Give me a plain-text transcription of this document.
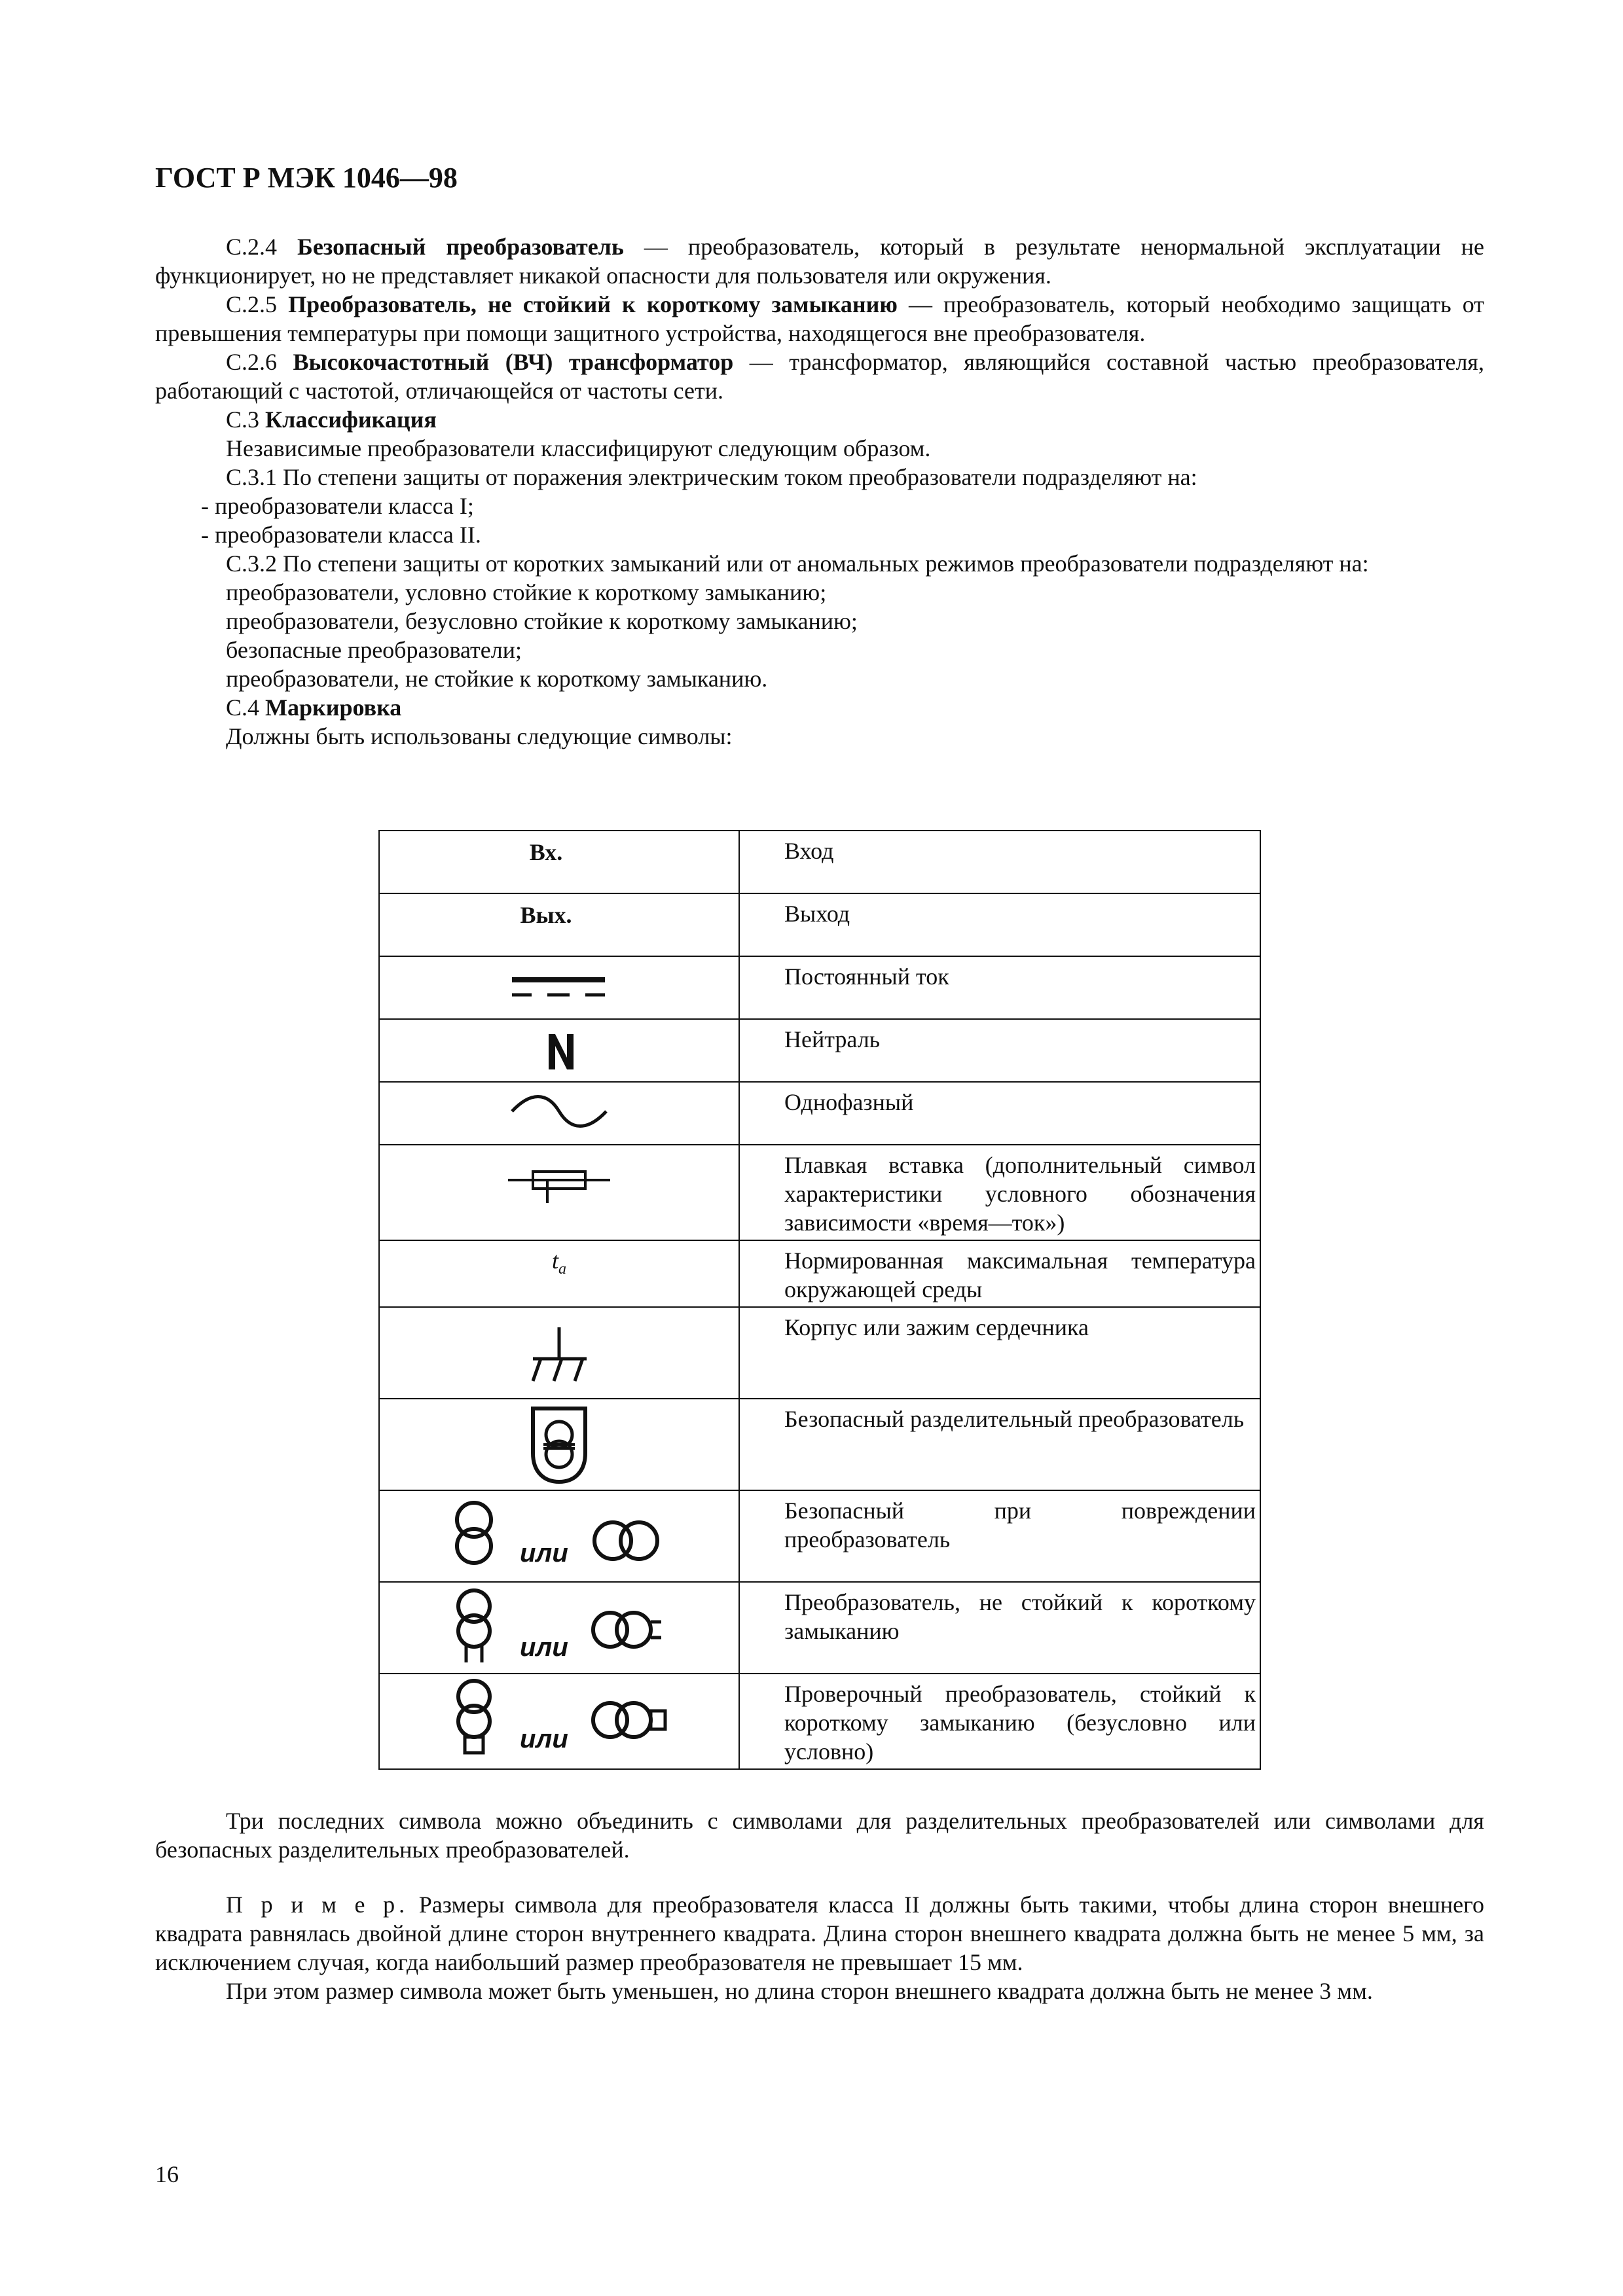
ГОСТ Р МЭК 1046—98

С.2.4 Безопасный преобразователь — преобразователь, который в результате ненормальной эксплуатации не функционирует, но не представляет никакой опасности для пользователя или окружения.

С.2.5 Преобразователь, не стойкий к короткому замыканию — преобразователь, который необходимо защищать от превышения температуры при помощи защитного устройства, находящегося вне преобразователя.

С.2.6 Высокочастотный (ВЧ) трансформатор — трансформатор, являющийся составной частью преобразователя, работающий с частотой, отличающейся от частоты сети.

С.3 Классификация

Независимые преобразователи классифицируют следующим образом.

С.3.1 По степени защиты от поражения электрическим током преобразователи подразделяют на:

- преобразователи класса I;

- преобразователи класса II.

С.3.2 По степени защиты от коротких замыканий или от аномальных режимов преобразователи подразделяют на:

преобразователи, условно стойкие к короткому замыканию;

преобразователи, безусловно стойкие к короткому замыканию;

безопасные преобразователи;

преобразователи, не стойкие к короткому замыканию.

С.4 Маркировка

Должны быть использованы следующие символы:

Вх.	Вход

Вых.	Выход

	Постоянный ток

	Нейтраль

	Однофазный

	Плавкая вставка (дополнительный символ характеристики условного обозначения зависимости «время—ток»)

$t_a$	Нормированная максимальная температура окружающей среды

	Корпус или зажим сердечника

	Безопасный разделительный преобразователь

или	Безопасный при повреждении преобразователь

или	Преобразователь, не стойкий к короткому замыканию

или	Проверочный преобразователь, стойкий к короткому замыканию (безусловно или условно)

Три последних символа можно объединить с символами для разделительных преобразователей или символами для безопасных разделительных преобразователей.

П р и м е р. Размеры символа для преобразователя класса II должны быть такими, чтобы длина сторон внешнего квадрата равнялась двойной длине сторон внутреннего квадрата. Длина сторон внешнего квадрата должна быть не менее 5 мм, за исключением случая, когда наибольший размер преобразователя не превышает 15 мм.

При этом размер символа может быть уменьшен, но длина сторон внешнего квадрата должна быть не менее 3 мм.

16
